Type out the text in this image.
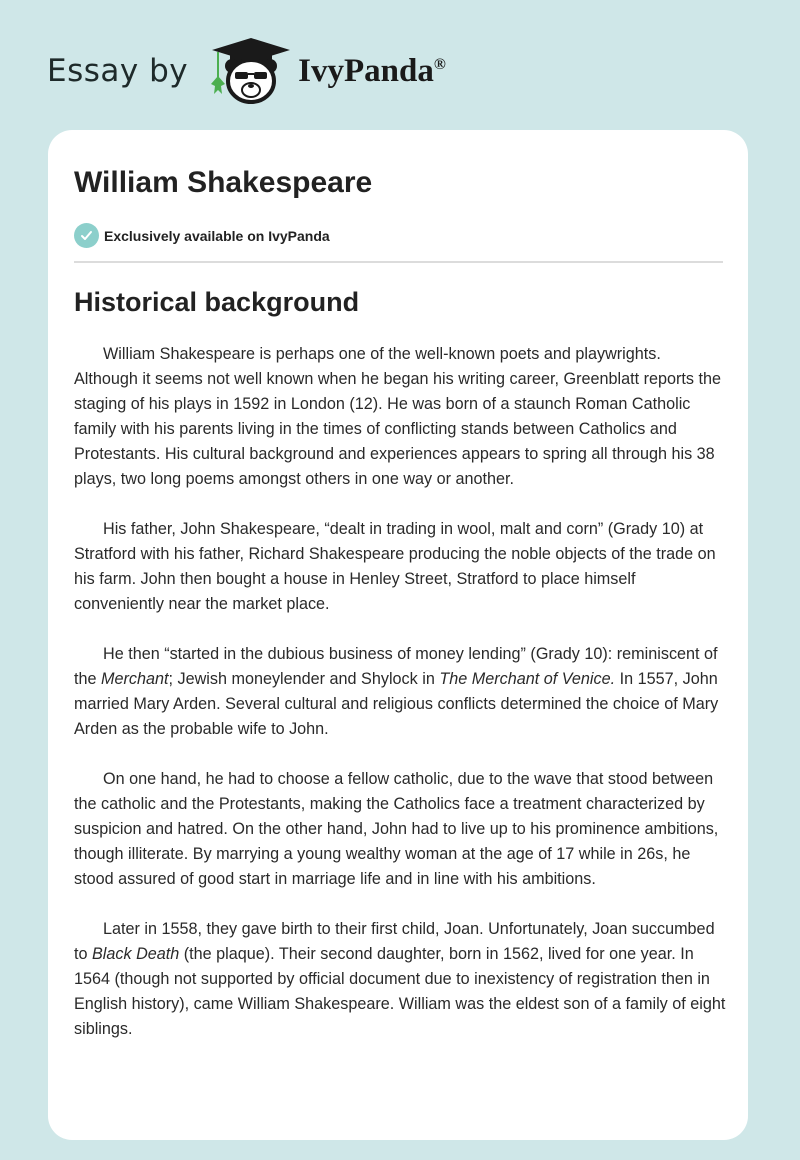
Essay by	IvyPanda®
William Shakespeare
Exclusively available on IvyPanda
Historical background

William Shakespeare is perhaps one of the well-known poets and playwrights. Although it seems not well known when he began his writing career, Greenblatt reports the staging of his plays in 1592 in London (12). He was born of a staunch Roman Catholic family with his parents living in the times of conflicting stands between Catholics and Protestants. His cultural background and experiences appears to spring all through his 38 plays, two long poems amongst others in one way or another.

His father, John Shakespeare, “dealt in trading in wool, malt and corn” (Grady 10) at Stratford with his father, Richard Shakespeare producing the noble objects of the trade on his farm. John then bought a house in Henley Street, Stratford to place himself conveniently near the market place.

He then “started in the dubious business of money lending” (Grady 10): reminiscent of the Merchant; Jewish moneylender and Shylock in The Merchant of Venice. In 1557, John married Mary Arden. Several cultural and religious conflicts determined the choice of Mary Arden as the probable wife to John.

On one hand, he had to choose a fellow catholic, due to the wave that stood between the catholic and the Protestants, making the Catholics face a treatment characterized by suspicion and hatred. On the other hand, John had to live up to his prominence ambitions, though illiterate. By marrying a young wealthy woman at the age of 17 while in 26s, he stood assured of good start in marriage life and in line with his ambitions.

Later in 1558, they gave birth to their first child, Joan. Unfortunately, Joan succumbed to Black Death (the plaque). Their second daughter, born in 1562, lived for one year. In 1564 (though not supported by official document due to inexistency of registration then in English history), came William Shakespeare. William was the eldest son of a family of eight siblings.
